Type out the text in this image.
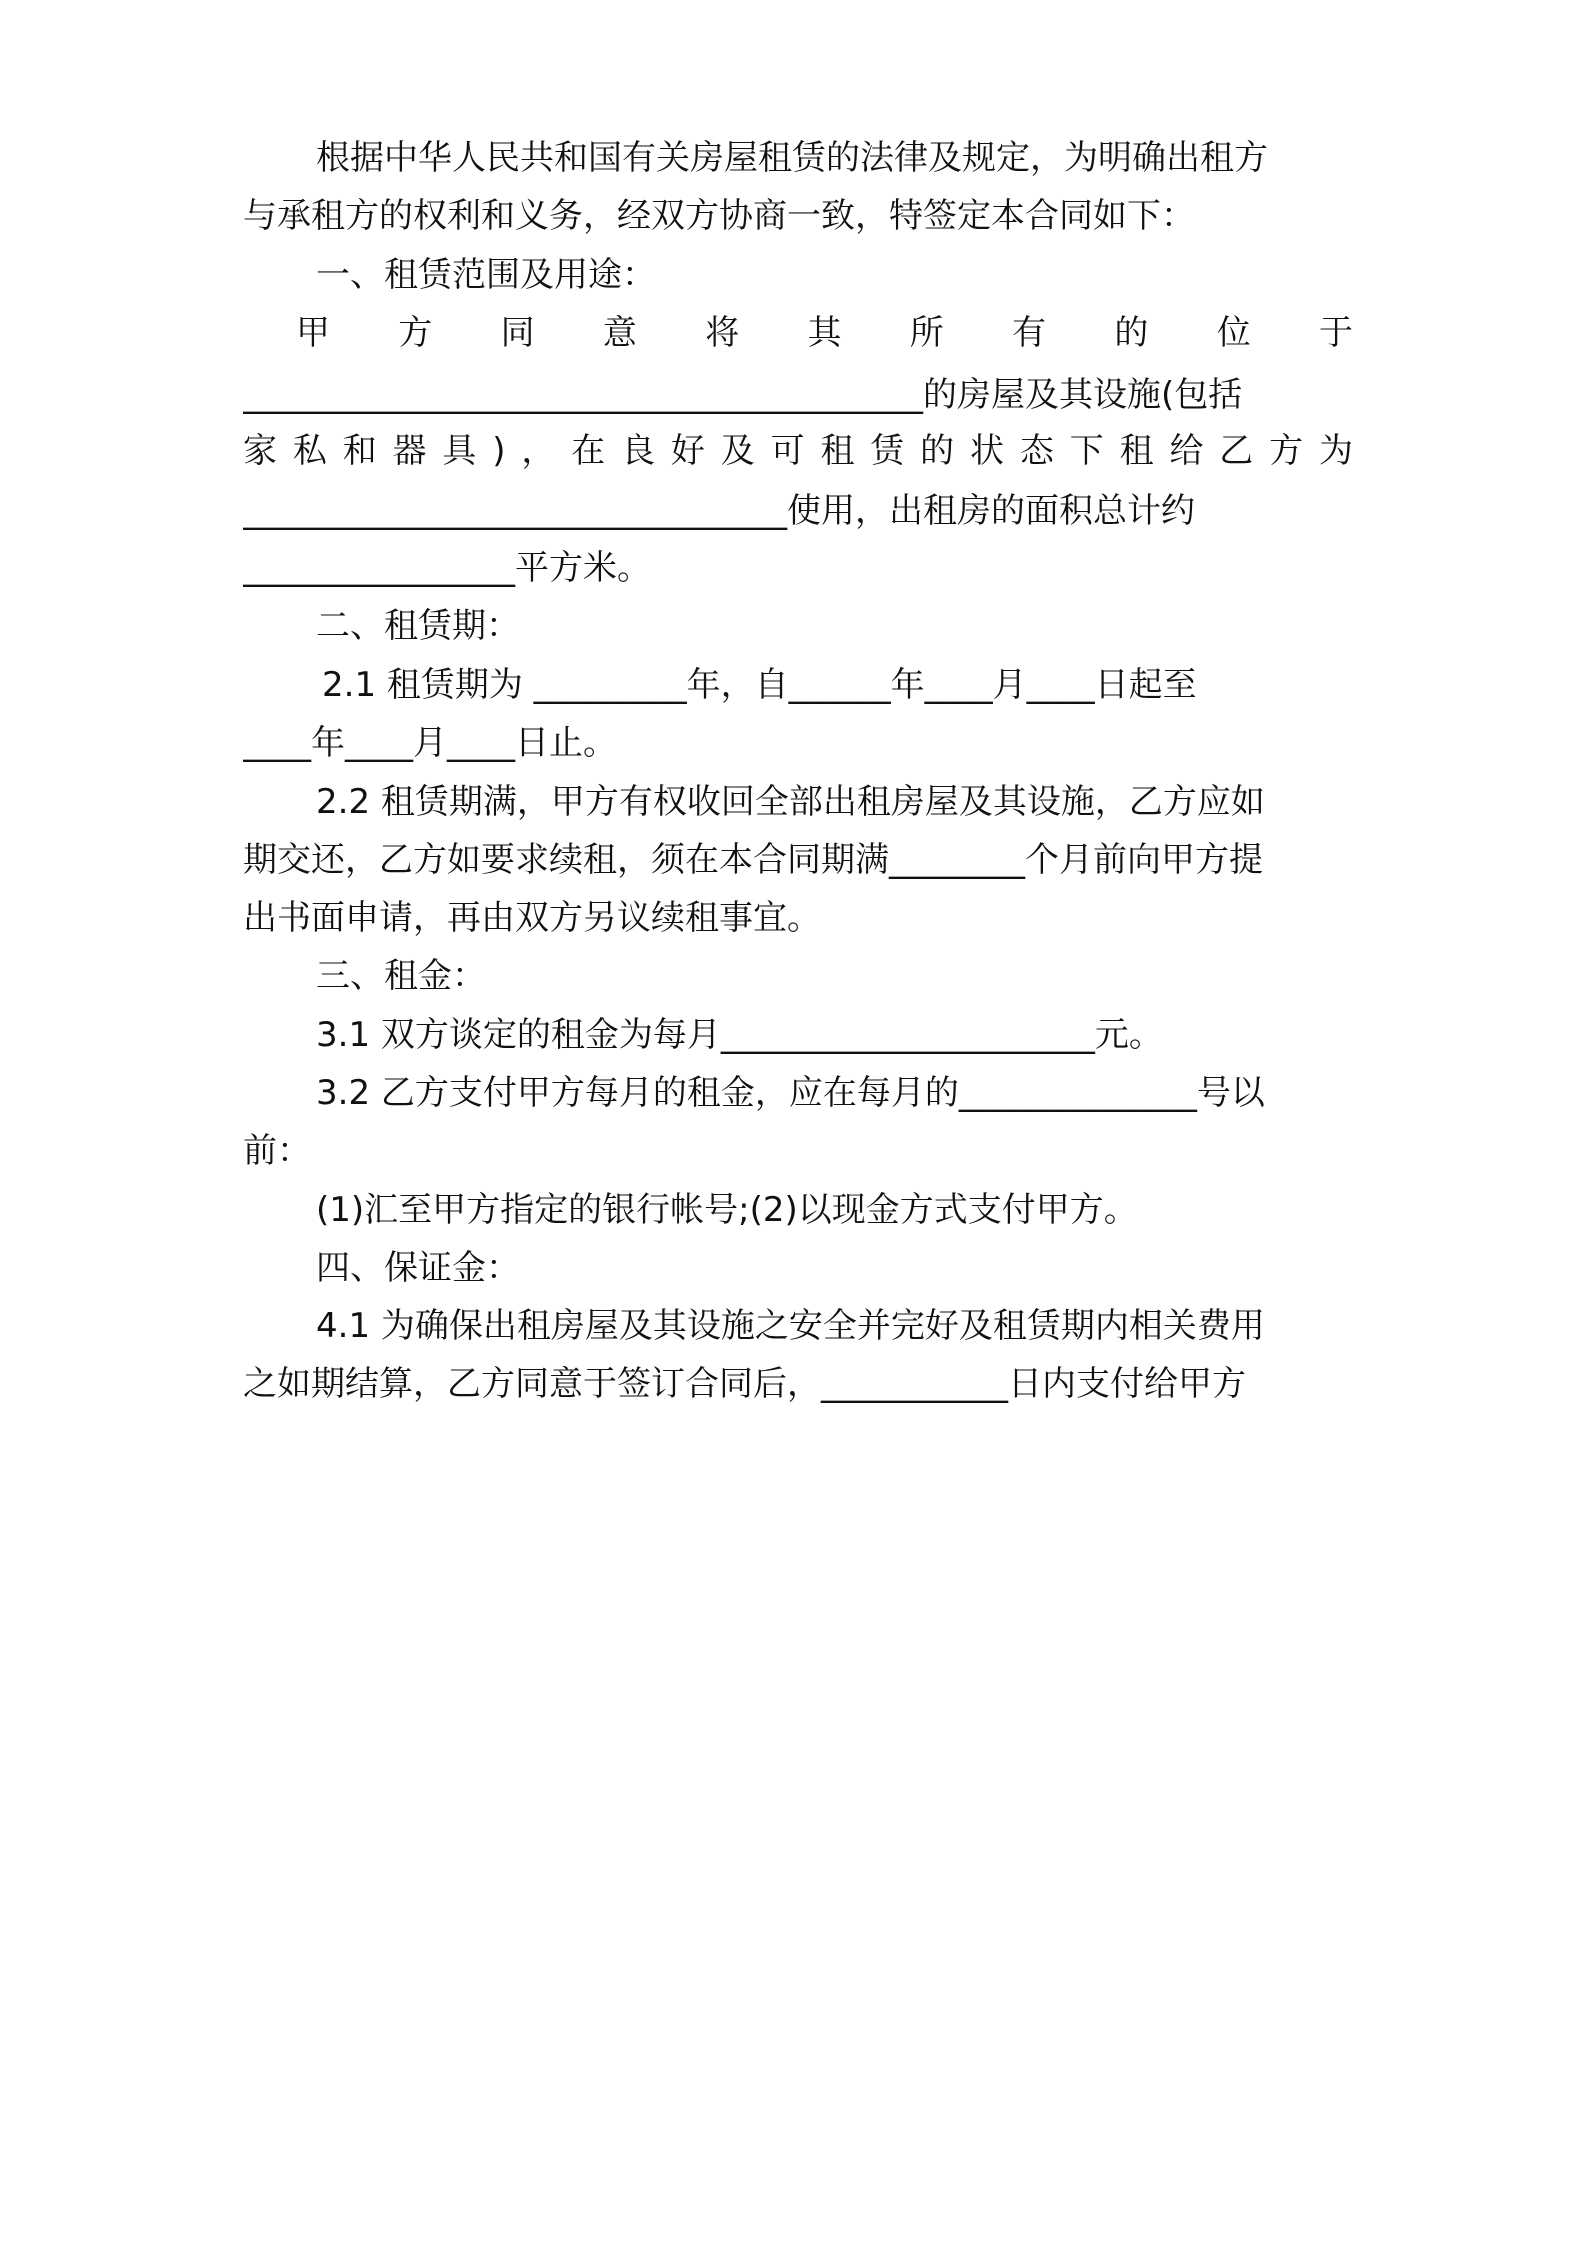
根据中华人民共和国有关房屋租赁的法律及规定，为明确出租方
与承租方的权利和义务，经双方协商一致，特签定本合同如下：
一、租赁范围及用途：
甲 方 同 意 将 其 所 有 的 位 于
________________________________________的房屋及其设施(包括
家私和器具)，在良好及可租赁的状态下租给乙方为
________________________________使用，出租房的面积总计约
________________平方米。
二、租赁期：
2.1 租赁期为 _________年，自______年____月____日起至
____年____月____日止。
2.2 租赁期满，甲方有权收回全部出租房屋及其设施，乙方应如
期交还，乙方如要求续租，须在本合同期满________个月前向甲方提
出书面申请，再由双方另议续租事宜。
三、租金：
3.1 双方谈定的租金为每月______________________元。
3.2 乙方支付甲方每月的租金，应在每月的______________号以
前：
(1)汇至甲方指定的银行帐号;(2)以现金方式支付甲方。
四、保证金：
4.1 为确保出租房屋及其设施之安全并完好及租赁期内相关费用
之如期结算，乙方同意于签订合同后，___________日内支付给甲方
